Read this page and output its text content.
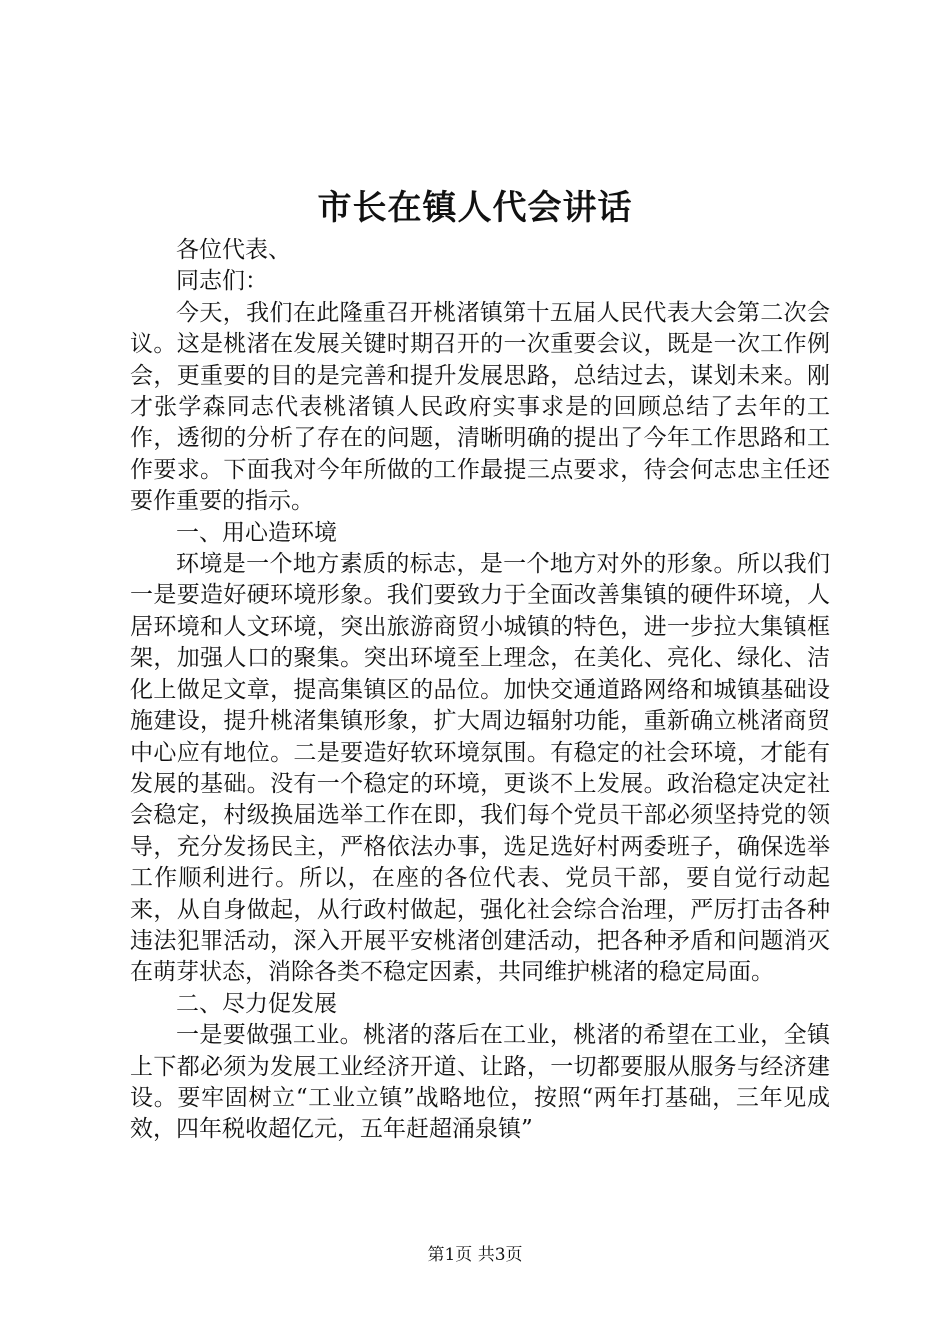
市长在镇人代会讲话

各位代表、

同志们：

今天，我们在此隆重召开桃渚镇第十五届人民代表大会第二次会议。这是桃渚在发展关键时期召开的一次重要会议，既是一次工作例会，更重要的目的是完善和提升发展思路，总结过去，谋划未来。刚才张学森同志代表桃渚镇人民政府实事求是的回顾总结了去年的工作，透彻的分析了存在的问题，清晰明确的提出了今年工作思路和工作要求。下面我对今年所做的工作最提三点要求，待会何志忠主任还要作重要的指示。

一、用心造环境

环境是一个地方素质的标志，是一个地方对外的形象。所以我们一是要造好硬环境形象。我们要致力于全面改善集镇的硬件环境，人居环境和人文环境，突出旅游商贸小城镇的特色，进一步拉大集镇框架，加强人口的聚集。突出环境至上理念，在美化、亮化、绿化、洁化上做足文章，提高集镇区的品位。加快交通道路网络和城镇基础设施建设，提升桃渚集镇形象，扩大周边辐射功能，重新确立桃渚商贸中心应有地位。二是要造好软环境氛围。有稳定的社会环境，才能有发展的基础。没有一个稳定的环境，更谈不上发展。政治稳定决定社会稳定，村级换届选举工作在即，我们每个党员干部必须坚持党的领导，充分发扬民主，严格依法办事，选足选好村两委班子，确保选举工作顺利进行。所以，在座的各位代表、党员干部，要自觉行动起来，从自身做起，从行政村做起，强化社会综合治理，严厉打击各种违法犯罪活动，深入开展平安桃渚创建活动，把各种矛盾和问题消灭在萌芽状态，消除各类不稳定因素，共同维护桃渚的稳定局面。

二、尽力促发展

一是要做强工业。桃渚的落后在工业，桃渚的希望在工业，全镇上下都必须为发展工业经济开道、让路，一切都要服从服务与经济建设。要牢固树立“工业立镇”战略地位，按照“两年打基础，三年见成效，四年税收超亿元，五年赶超涌泉镇”

第1页 共3页
